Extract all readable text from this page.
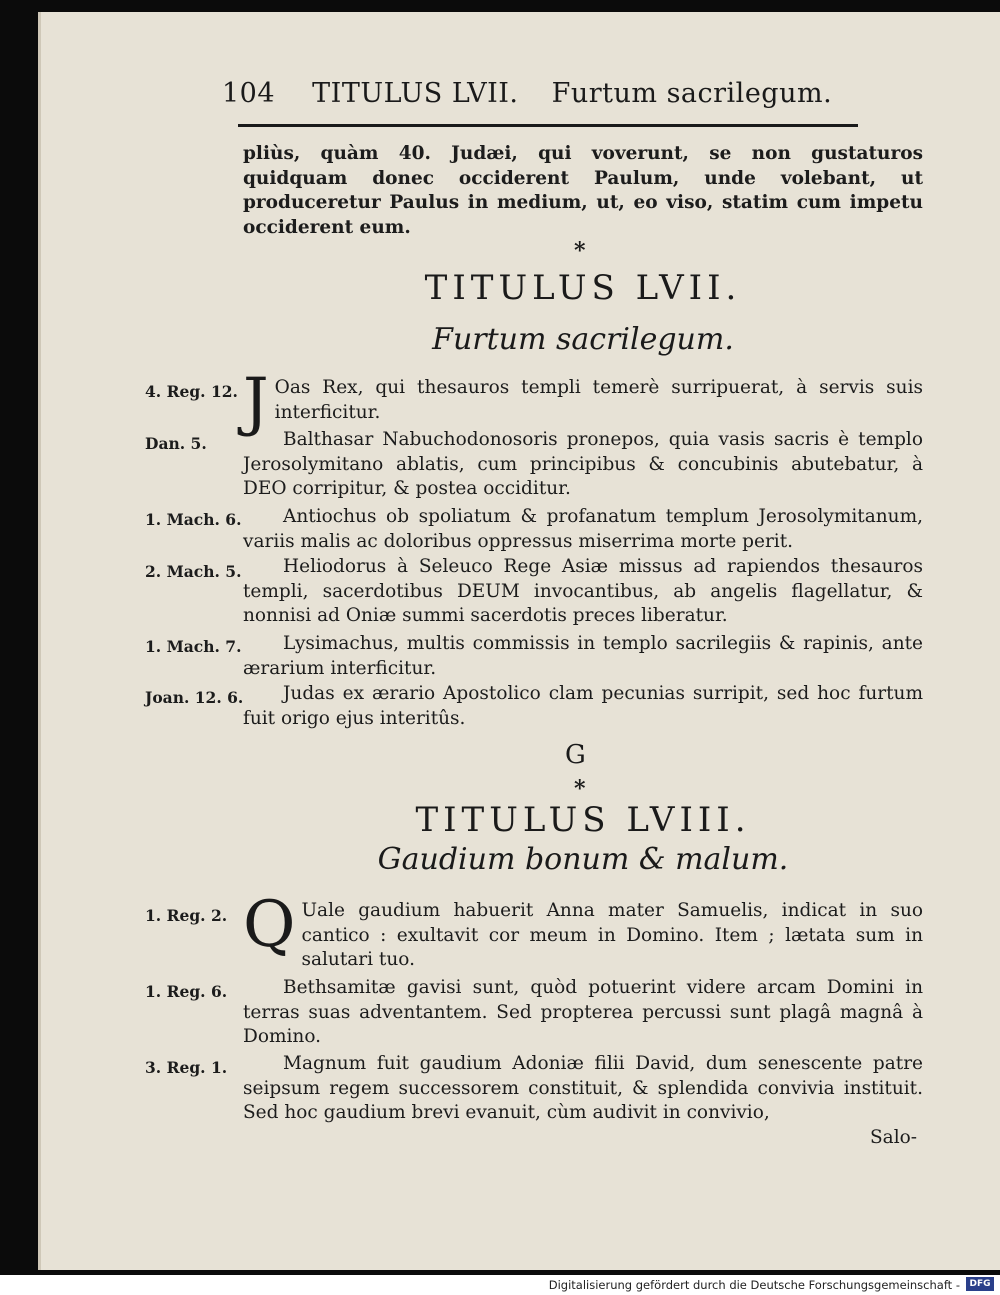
104 TITULUS LVII. Furtum sacrilegum.

pliùs, quàm 40. Judæi, qui voverunt, se non gustaturos quidquam donec occiderent Paulum, unde volebant, ut produceretur Paulus in medium, ut, eo viso, statim cum impetu occiderent eum.

*
TITULUS LVII.
Furtum sacrilegum.
4. Reg. 12. J Oas Rex, qui thesauros templi temerè surripuerat, à servis suis interficitur.

Dan. 5.	Balthasar Nabuchodonosoris pronepos, quia vasis sacris è templo Jerosolymitano ablatis, cum principibus & concubinis abutebatur, à DEO corripitur, & postea occiditur.

1. Mach. 6.	Antiochus ob spoliatum & profanatum templum Jerosolymitanum, variis malis ac doloribus oppressus miserrima morte perit.

2. Mach. 5.	Heliodorus à Seleuco Rege Asiæ missus ad rapiendos thesauros templi, sacerdotibus DEUM invocantibus, ab angelis flagellatur, & nonnisi ad Oniæ summi sacerdotis preces liberatur.

1. Mach. 7.	Lysimachus, multis commissis in templo sacrilegiis & rapinis, ante ærarium interficitur.

Joan. 12. 6.	Judas ex ærario Apostolico clam pecunias surripit, sed hoc furtum fuit origo ejus interitûs.

G
*
TITULUS LVIII.
Gaudium bonum & malum.
1. Reg. 2. Q Uale gaudium habuerit Anna mater Samuelis, indicat in suo cantico : exultavit cor meum in Domino. Item ; lætata sum in salutari tuo.

1. Reg. 6.	Bethsamitæ gavisi sunt, quòd potuerint videre arcam Domini in terras suas adventantem. Sed propterea percussi sunt plagâ magnâ à Domino.

3. Reg. 1.	Magnum fuit gaudium Adoniæ filii David, dum senescente patre seipsum regem successorem constituit, & splendida convivia instituit. Sed hoc gaudium brevi evanuit, cùm audivit in convivio,

Salo-
Digitalisierung gefördert durch die Deutsche Forschungsgemeinschaft -	DFG
